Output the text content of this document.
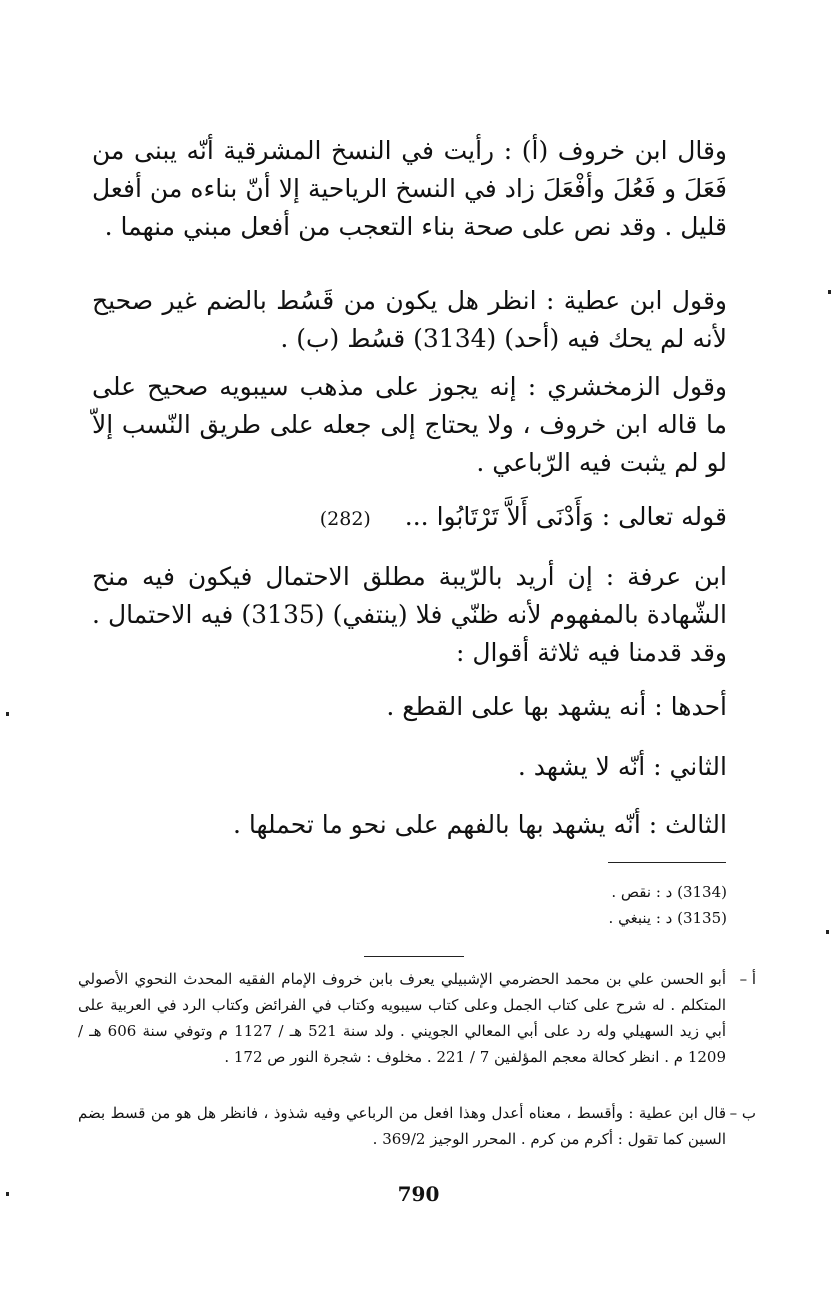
وقال ابن خروف (أ) : رأيت في النسخ المشرقية أنّه يبنى من فَعَلَ و فَعُلَ وأفْعَلَ زاد في النسخ الرياحية إلا أنّ بناءه من أفعل قليل . وقد نص على صحة بناء التعجب من أفعل مبني منهما .

وقول ابن عطية : انظر هل يكون من قَسُط بالضم غير صحيح لأنه لم يحك فيه (أحد) (3134) قسُط (ب) .

وقول الزمخشري : إنه يجوز على مذهب سيبويه صحيح على ما قاله ابن خروف ، ولا يحتاج إلى جعله على طريق النّسب إلاّ لو لم يثبت فيه الرّباعي .

قوله تعالى : وَأَدْنَى أَلاَّ تَرْتَابُوا ... (282)

ابن عرفة : إن أريد بالرّيبة مطلق الاحتمال فيكون فيه منح الشّهادة بالمفهوم لأنه ظنّي فلا (ينتفي) (3135) فيه الاحتمال . وقد قدمنا فيه ثلاثة أقوال :

أحدها : أنه يشهد بها على القطع .

الثاني : أنّه لا يشهد .

الثالث : أنّه يشهد بها بالفهم على نحو ما تحملها .

(3134) د : نقص .

(3135) د : ينبغي .

أ –
أبو الحسن علي بن محمد الحضرمي الإشبيلي يعرف بابن خروف الإمام الفقيه المحدث النحوي الأصولي المتكلم . له شرح على كتاب الجمل وعلى كتاب سيبويه وكتاب في الفرائض وكتاب الرد في العربية على أبي زيد السهيلي وله رد على أبي المعالي الجويني . ولد سنة 521 هـ / 1127 م وتوفي سنة 606 هـ / 1209 م . انظر كحالة معجم المؤلفين 7 / 221 . مخلوف : شجرة النور ص 172 .
ب –
قال ابن عطية : وأقسط ، معناه أعدل وهذا افعل من الرباعي وفيه شذوذ ، فانظر هل هو من قسط بضم السين كما تقول : أكرم من كرم . المحرر الوجيز 369/2 .
790
